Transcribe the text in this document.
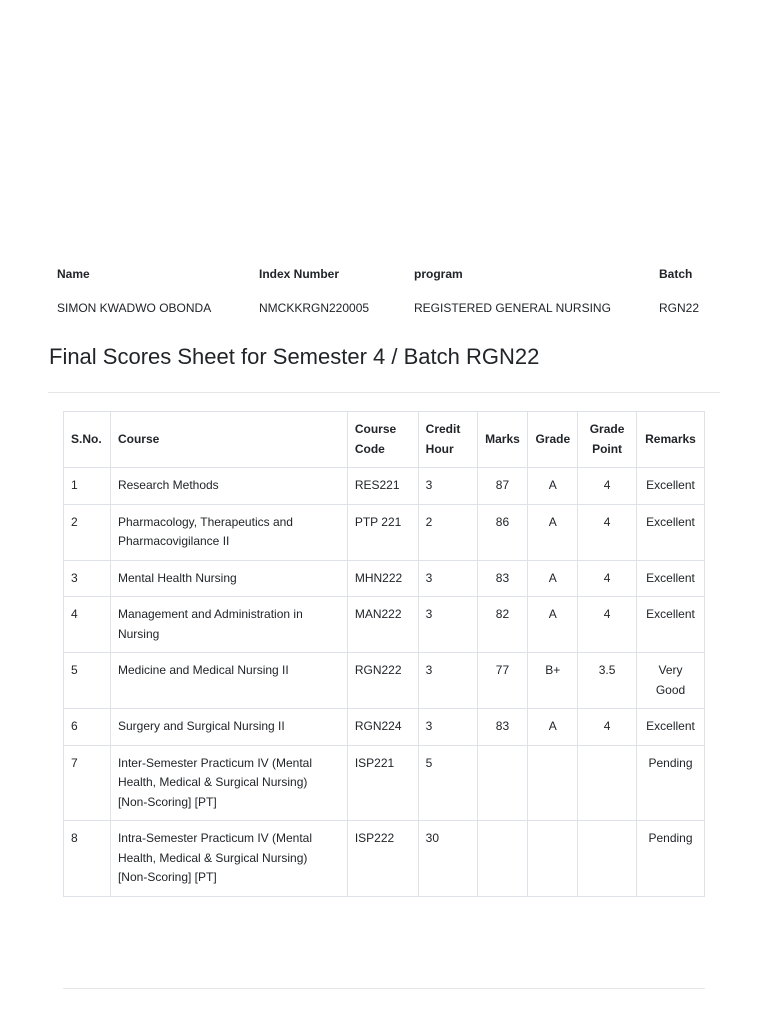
Name	Index Number	program	Batch
SIMON KWADWO OBONDA	NMCKKRGN220005	REGISTERED GENERAL NURSING	RGN22
Final Scores Sheet for Semester 4 / Batch RGN22
S.No.	Course	Course Code	Credit Hour	Marks	Grade	Grade Point	Remarks
1	Research Methods	RES221	3	87	A	4	Excellent
2	Pharmacology, Therapeutics and Pharmacovigilance II	PTP 221	2	86	A	4	Excellent
3	Mental Health Nursing	MHN222	3	83	A	4	Excellent
4	Management and Administration in Nursing	MAN222	3	82	A	4	Excellent
5	Medicine and Medical Nursing II	RGN222	3	77	B+	3.5	Very Good
6	Surgery and Surgical Nursing II	RGN224	3	83	A	4	Excellent
7	Inter-Semester Practicum IV (Mental Health, Medical & Surgical Nursing) [Non-Scoring] [PT]	ISP221	5				Pending
8	Intra-Semester Practicum IV (Mental Health, Medical & Surgical Nursing) [Non-Scoring] [PT]	ISP222	30				Pending
